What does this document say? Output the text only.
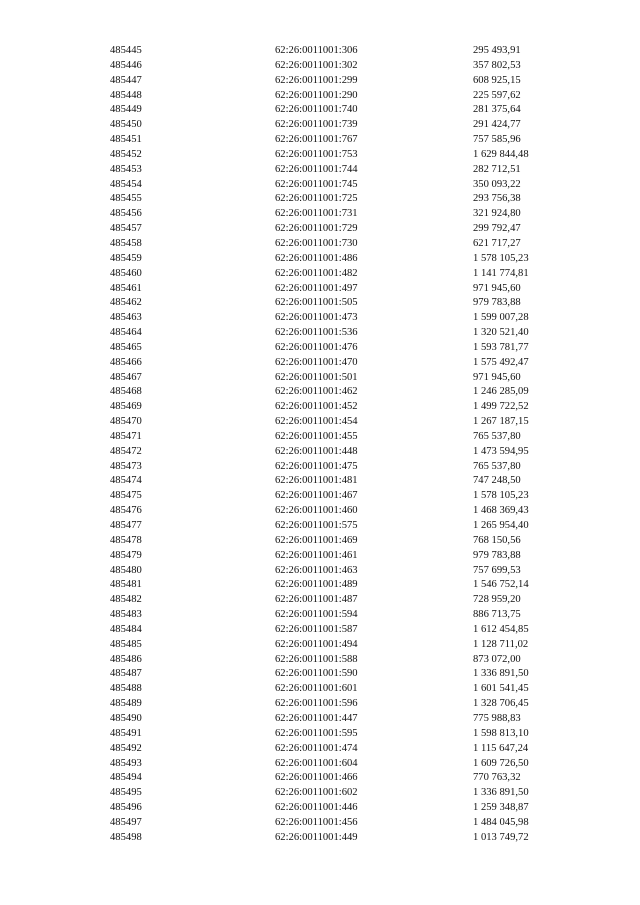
485445	62:26:0011001:306	295 493,91
485446	62:26:0011001:302	357 802,53
485447	62:26:0011001:299	608 925,15
485448	62:26:0011001:290	225 597,62
485449	62:26:0011001:740	281 375,64
485450	62:26:0011001:739	291 424,77
485451	62:26:0011001:767	757 585,96
485452	62:26:0011001:753	1 629 844,48
485453	62:26:0011001:744	282 712,51
485454	62:26:0011001:745	350 093,22
485455	62:26:0011001:725	293 756,38
485456	62:26:0011001:731	321 924,80
485457	62:26:0011001:729	299 792,47
485458	62:26:0011001:730	621 717,27
485459	62:26:0011001:486	1 578 105,23
485460	62:26:0011001:482	1 141 774,81
485461	62:26:0011001:497	971 945,60
485462	62:26:0011001:505	979 783,88
485463	62:26:0011001:473	1 599 007,28
485464	62:26:0011001:536	1 320 521,40
485465	62:26:0011001:476	1 593 781,77
485466	62:26:0011001:470	1 575 492,47
485467	62:26:0011001:501	971 945,60
485468	62:26:0011001:462	1 246 285,09
485469	62:26:0011001:452	1 499 722,52
485470	62:26:0011001:454	1 267 187,15
485471	62:26:0011001:455	765 537,80
485472	62:26:0011001:448	1 473 594,95
485473	62:26:0011001:475	765 537,80
485474	62:26:0011001:481	747 248,50
485475	62:26:0011001:467	1 578 105,23
485476	62:26:0011001:460	1 468 369,43
485477	62:26:0011001:575	1 265 954,40
485478	62:26:0011001:469	768 150,56
485479	62:26:0011001:461	979 783,88
485480	62:26:0011001:463	757 699,53
485481	62:26:0011001:489	1 546 752,14
485482	62:26:0011001:487	728 959,20
485483	62:26:0011001:594	886 713,75
485484	62:26:0011001:587	1 612 454,85
485485	62:26:0011001:494	1 128 711,02
485486	62:26:0011001:588	873 072,00
485487	62:26:0011001:590	1 336 891,50
485488	62:26:0011001:601	1 601 541,45
485489	62:26:0011001:596	1 328 706,45
485490	62:26:0011001:447	775 988,83
485491	62:26:0011001:595	1 598 813,10
485492	62:26:0011001:474	1 115 647,24
485493	62:26:0011001:604	1 609 726,50
485494	62:26:0011001:466	770 763,32
485495	62:26:0011001:602	1 336 891,50
485496	62:26:0011001:446	1 259 348,87
485497	62:26:0011001:456	1 484 045,98
485498	62:26:0011001:449	1 013 749,72
